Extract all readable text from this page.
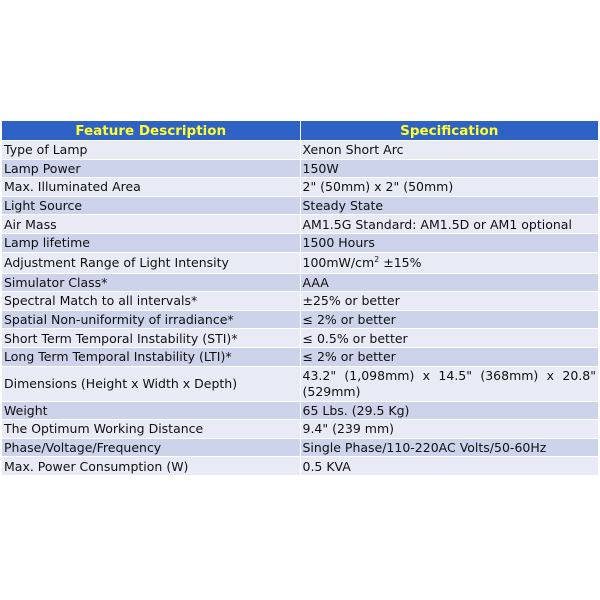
Feature Description	Specification
Type of Lamp	Xenon Short Arc
Lamp Power	150W
Max. Illuminated Area	2" (50mm) x 2" (50mm)
Light Source	Steady State
Air Mass	AM1.5G Standard: AM1.5D or AM1 optional
Lamp lifetime	1500 Hours
Adjustment Range of Light Intensity	$100mW/cm^2 \pm 15\%$
Simulator Class*	AAA
Spectral Match to all intervals*	±25% or better
Spatial Non-uniformity of irradiance*	≤ 2% or better
Short Term Temporal Instability (STI)*	≤ 0.5% or better
Long Term Temporal Instability (LTI)*	≤ 2% or better
Dimensions (Height x Width x Depth)	43.2" (1,098mm) x 14.5" (368mm) x 20.8" (529mm)
Weight	65 Lbs. (29.5 Kg)
The Optimum Working Distance	9.4" (239 mm)
Phase/Voltage/Frequency	Single Phase/110-220AC Volts/50-60Hz
Max. Power Consumption (W)	0.5 KVA
